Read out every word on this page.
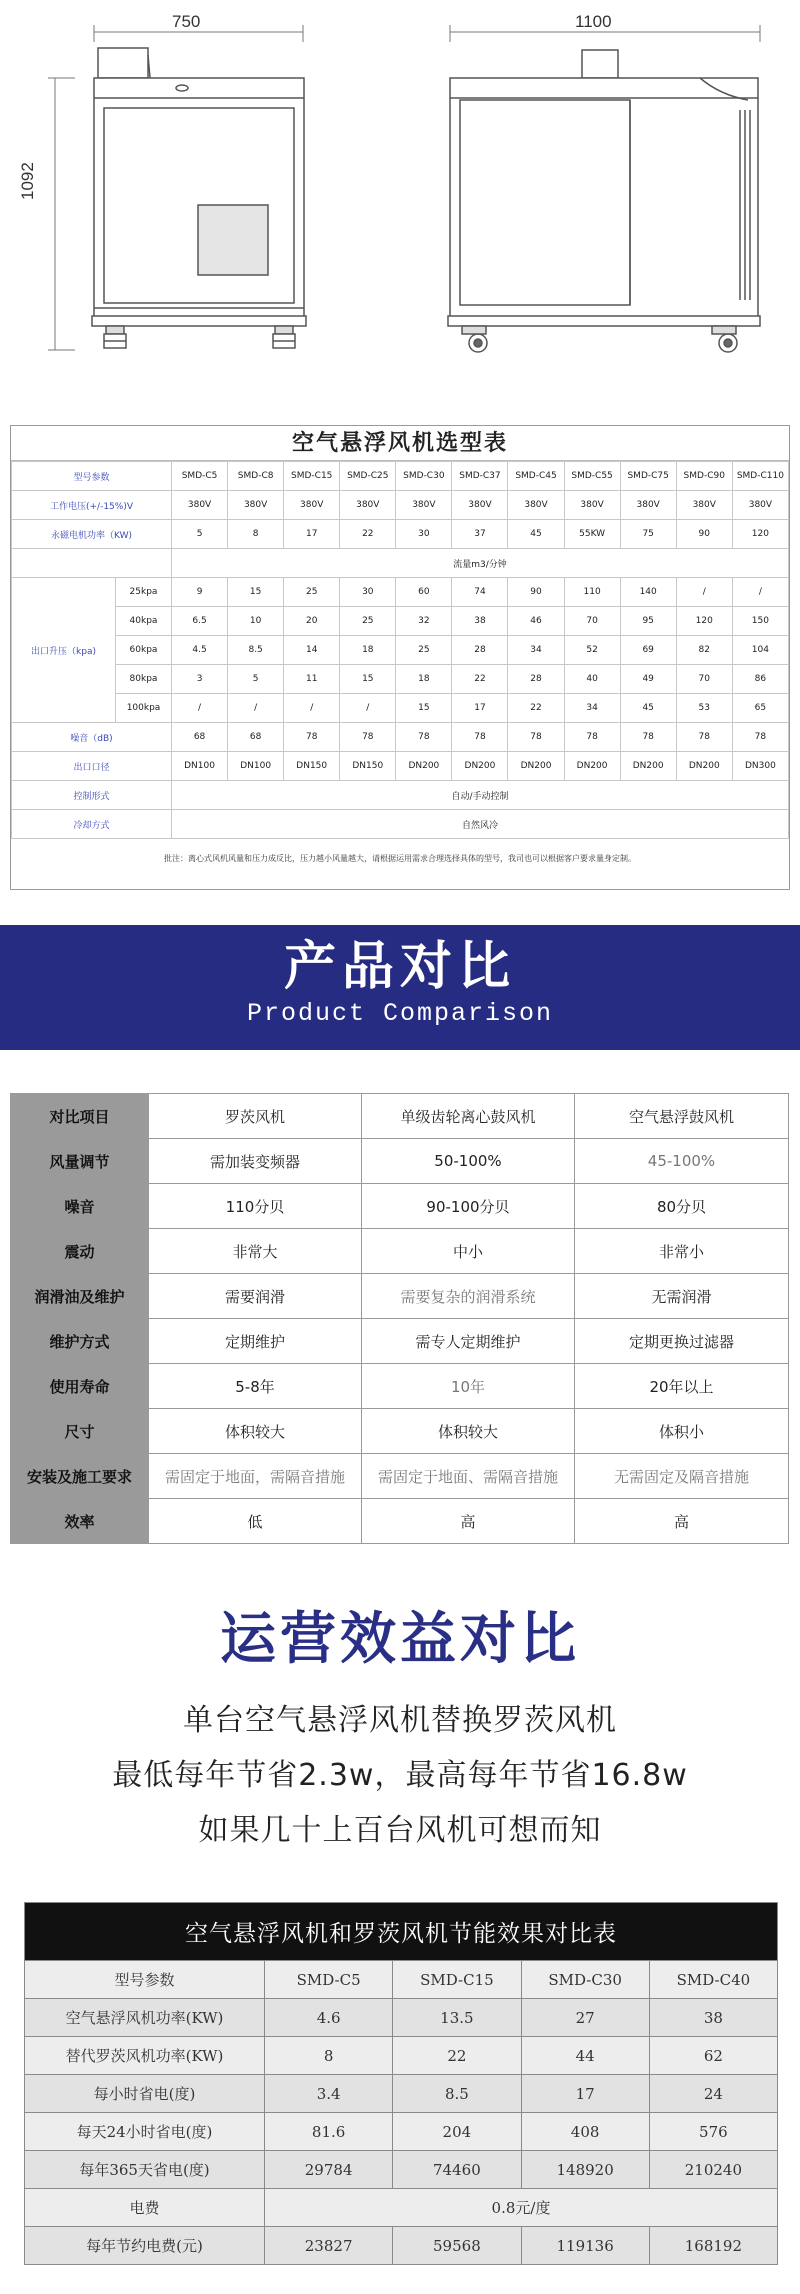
750
1092
1100
空气悬浮风机选型表
型号参数		SMD-C5	SMD-C8	SMD-C15	SMD-C25	SMD-C30	SMD-C37	SMD-C45	SMD-C55	SMD-C75	SMD-C90	SMD-C110
工作电压(+/-15%)V		380V	380V	380V	380V	380V	380V	380V	380V	380V	380V	380V
永磁电机功率（KW)		5	8	17	22	30	37	45	55KW	75	90	120
		流量m3/分钟										
出口升压（kpa)	25kpa	9	15	25	30	60	74	90	110	140	/	/
	40kpa	6.5	10	20	25	32	38	46	70	95	120	150
	60kpa	4.5	8.5	14	18	25	28	34	52	69	82	104
	80kpa	3	5	11	15	18	22	28	40	49	70	86
	100kpa	/	/	/	/	15	17	22	34	45	53	65
噪音（dB)		68	68	78	78	78	78	78	78	78	78	78
出口口径		DN100	DN100	DN150	DN150	DN200	DN200	DN200	DN200	DN200	DN200	DN300
控制形式		自动/手动控制										
冷却方式		自然风冷										
批注：离心式风机风量和压力成反比，压力越小风量越大，请根据运用需求合理选择具体的型号，我司也可以根据客户要求量身定制。
产品对比
Product Comparison
对比项目	罗茨风机	单级齿轮离心鼓风机	空气悬浮鼓风机
风量调节	需加装变频器	50-100%	45-100%
噪音	110分贝	90-100分贝	80分贝
震动	非常大	中小	非常小
润滑油及维护	需要润滑	需要复杂的润滑系统	无需润滑
维护方式	定期维护	需专人定期维护	定期更换过滤器
使用寿命	5-8年	10年	20年以上
尺寸	体积较大	体积较大	体积小
安装及施工要求	需固定于地面，需隔音措施	需固定于地面、需隔音措施	无需固定及隔音措施
效率	低	高	高
运营效益对比
单台空气悬浮风机替换罗茨风机
最低每年节省2.3w，最高每年节省16.8w
如果几十上百台风机可想而知
空气悬浮风机和罗茨风机节能效果对比表				
型号参数	SMD-C5	SMD-C15	SMD-C30	SMD-C40
空气悬浮风机功率(KW)	4.6	13.5	27	38
替代罗茨风机功率(KW)	8	22	44	62
每小时省电(度)	3.4	8.5	17	24
每天24小时省电(度)	81.6	204	408	576
每年365天省电(度)	29784	74460	148920	210240
电费	0.8元/度			
每年节约电费(元)	23827	59568	119136	168192
